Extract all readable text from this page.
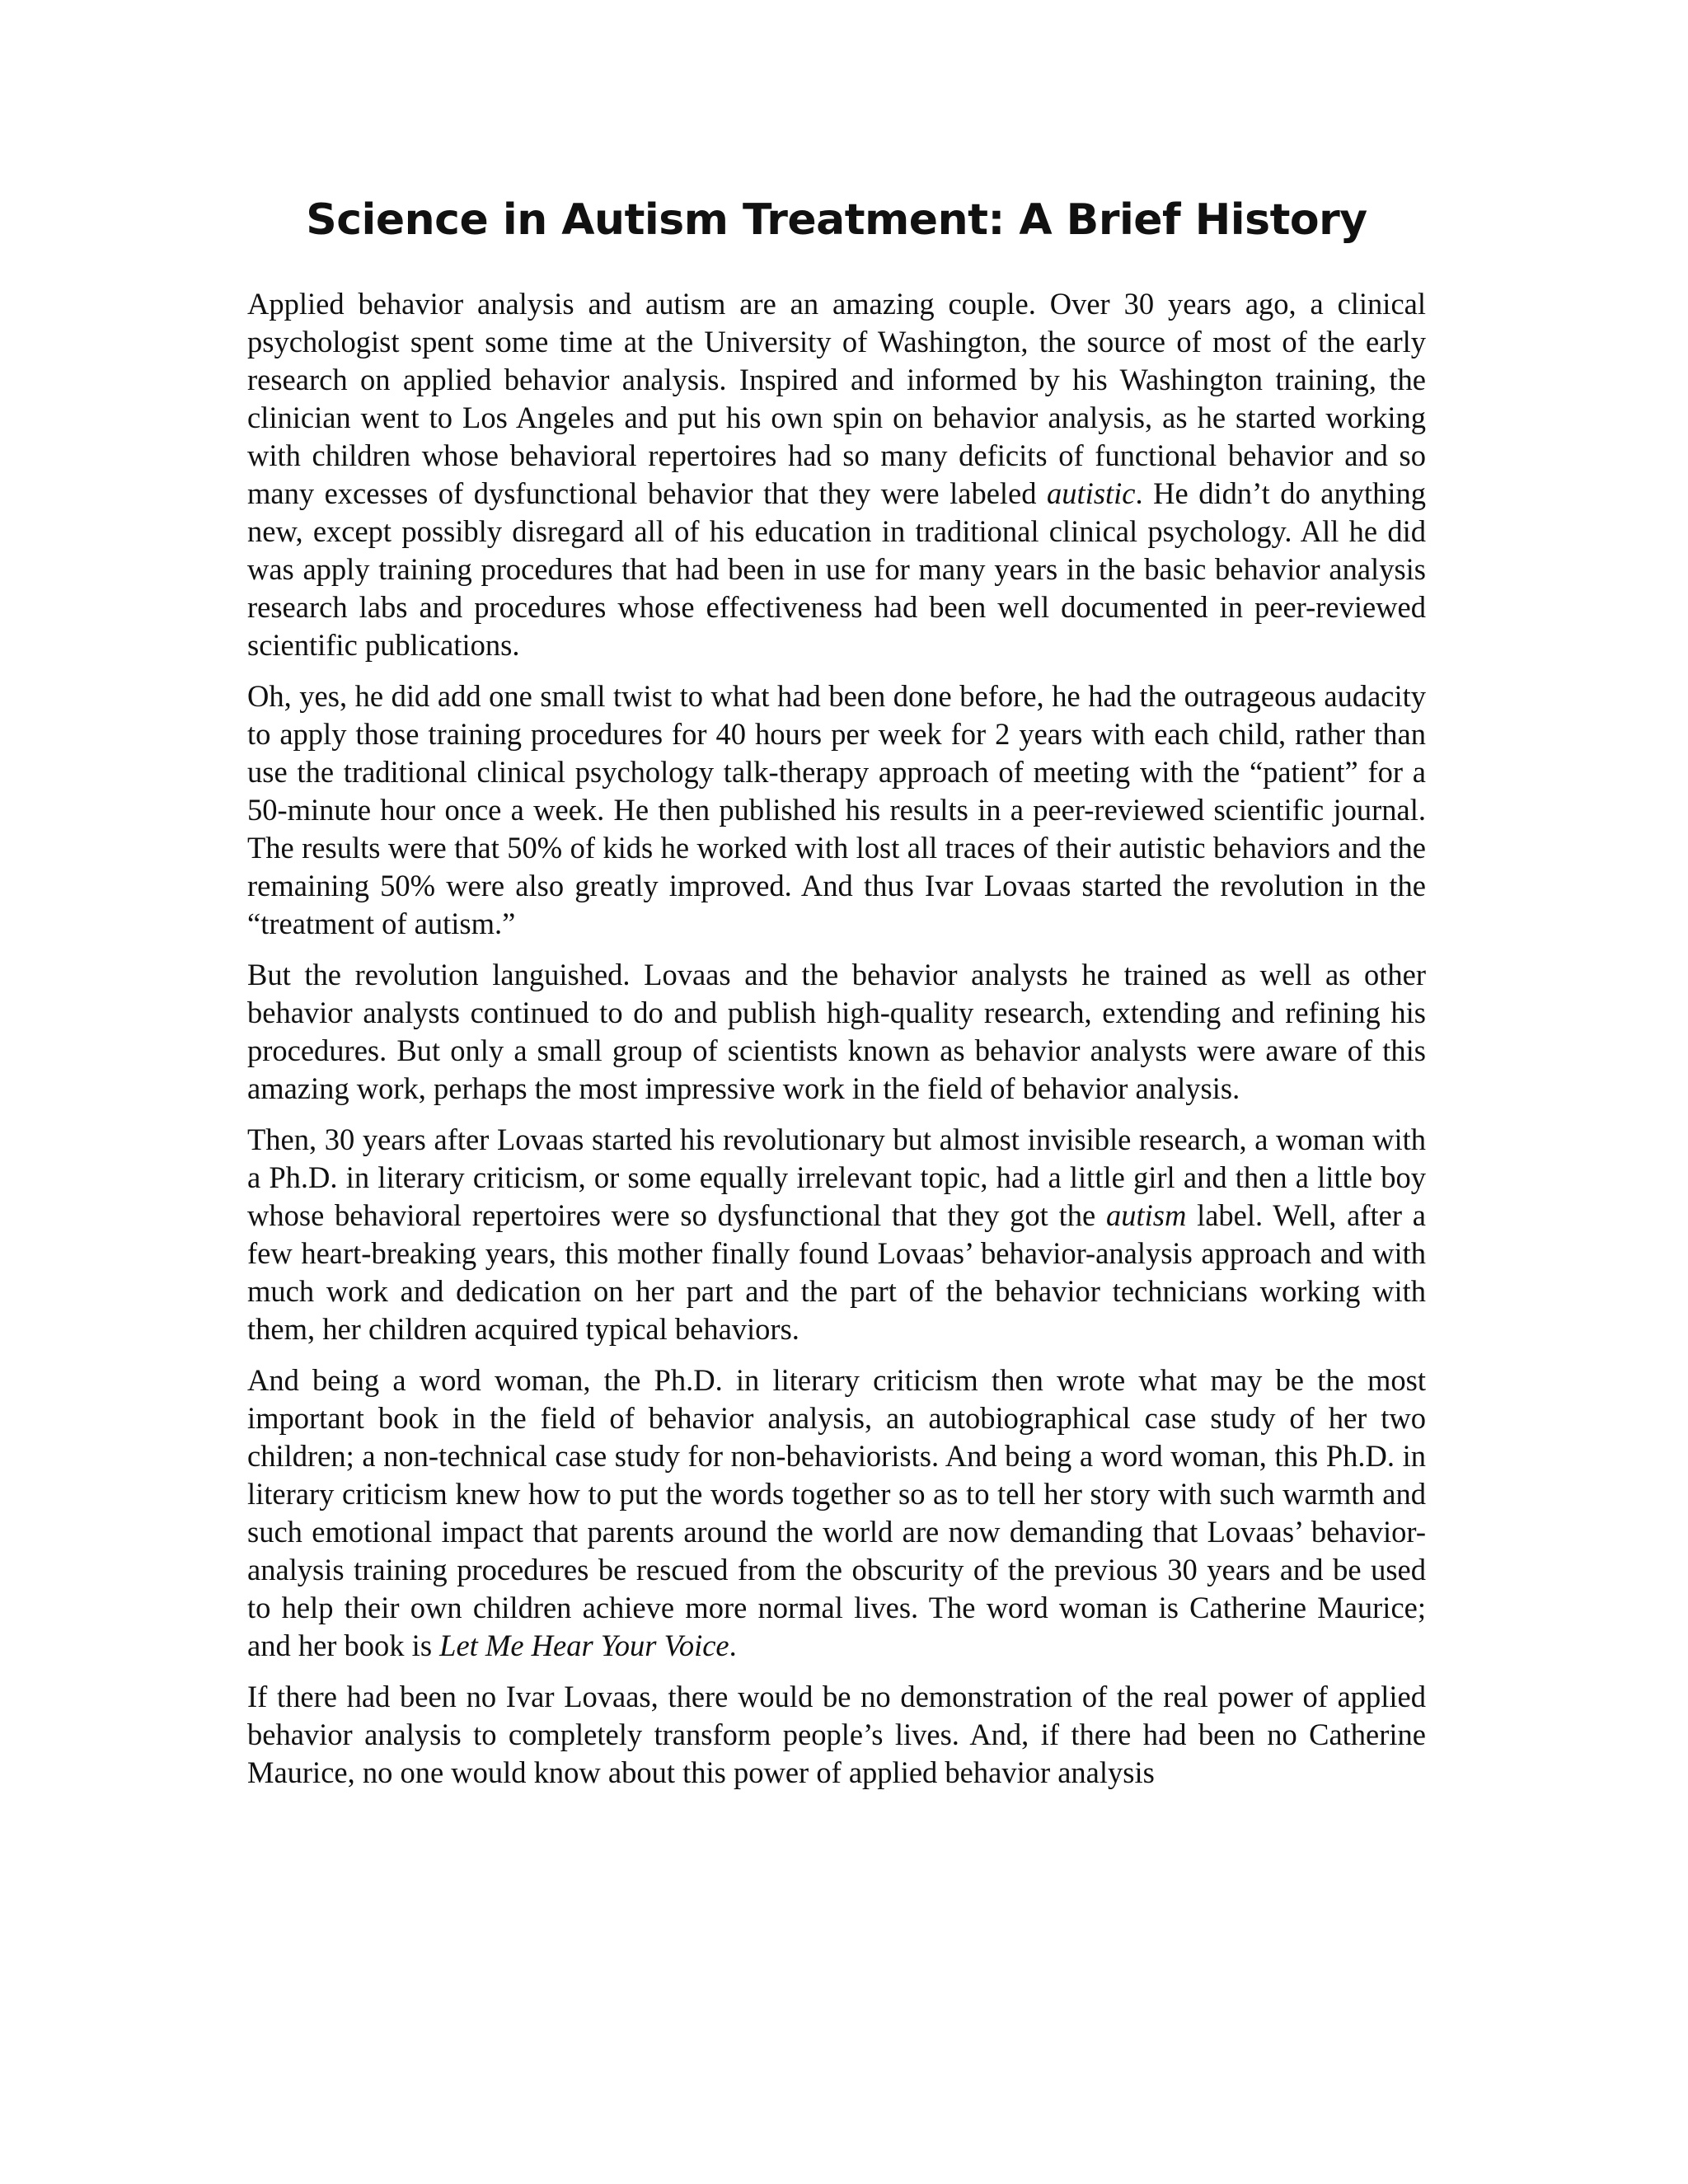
Science in Autism Treatment: A Brief History

Applied behavior analysis and autism are an amazing couple. Over 30 years ago, a clinical psychologist spent some time at the University of Washington, the source of most of the early research on applied behavior analysis. Inspired and informed by his Washington training, the clinician went to Los Angeles and put his own spin on behavior analysis, as he started working with children whose behavioral repertoires had so many deficits of functional behavior and so many excesses of dysfunctional behavior that they were labeled autistic. He didn’t do anything new, except possibly disregard all of his education in traditional clinical psychology. All he did was apply training procedures that had been in use for many years in the basic behavior analysis research labs and procedures whose effectiveness had been well documented in peer-reviewed scientific publications.

Oh, yes, he did add one small twist to what had been done before, he had the outrageous audacity to apply those training procedures for 40 hours per week for 2 years with each child, rather than use the traditional clinical psychology talk-therapy approach of meeting with the “patient” for a 50-minute hour once a week. He then published his results in a peer-reviewed scientific journal. The results were that 50% of kids he worked with lost all traces of their autistic behaviors and the remaining 50% were also greatly improved. And thus Ivar Lovaas started the revolution in the “treatment of autism.”

But the revolution languished. Lovaas and the behavior analysts he trained as well as other behavior analysts continued to do and publish high-quality research, extending and refining his procedures. But only a small group of scientists known as behavior analysts were aware of this amazing work, perhaps the most impressive work in the field of behavior analysis.

Then, 30 years after Lovaas started his revolutionary but almost invisible research, a woman with a Ph.D. in literary criticism, or some equally irrelevant topic, had a little girl and then a little boy whose behavioral repertoires were so dysfunctional that they got the autism label. Well, after a few heart-breaking years, this mother finally found Lovaas’ behavior-analysis approach and with much work and dedication on her part and the part of the behavior technicians working with them, her children acquired typical behaviors.

And being a word woman, the Ph.D. in literary criticism then wrote what may be the most important book in the field of behavior analysis, an autobiographical case study of her two children; a non-technical case study for non-behaviorists. And being a word woman, this Ph.D. in literary criticism knew how to put the words together so as to tell her story with such warmth and such emotional impact that parents around the world are now demanding that Lovaas’ behavior-analysis training procedures be rescued from the obscurity of the previous 30 years and be used to help their own children achieve more normal lives. The word woman is Catherine Maurice; and her book is Let Me Hear Your Voice.

If there had been no Ivar Lovaas, there would be no demonstration of the real power of applied behavior analysis to completely transform people’s lives. And, if there had been no Catherine Maurice, no one would know about this power of applied behavior analysis
